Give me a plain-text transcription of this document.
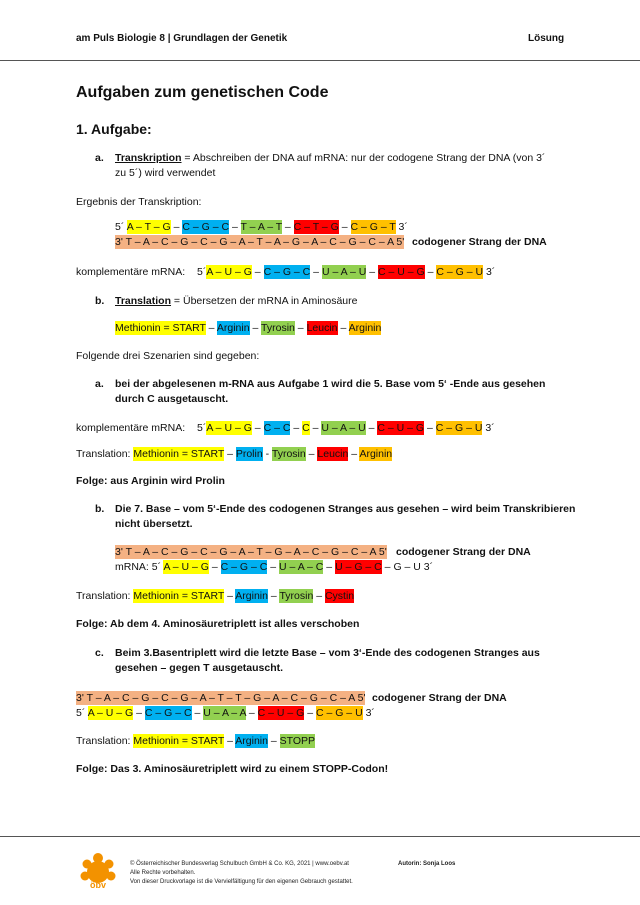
am Puls Biologie 8 | Grundlagen der Genetik	Lösung
Aufgaben zum genetischen Code
1. Aufgabe:
a. Transkription = Abschreiben der DNA auf mRNA: nur der codogene Strang der DNA (von 3´
zu 5´) wird verwendet
Ergebnis der Transkription:
5´ A – T – G – C – G – C – T – A – T – C – T – G – C – G – T 3´
3' T – A – C – G – C – G – A – T – A – G – A – C – G – C – A 5' codogener Strang der DNA
komplementäre mRNA: 5´A – U – G – C – G – C – U – A – U – C – U – G – C – G – U 3´
b. Translation = Übersetzen der mRNA in Aminosäure
Methionin = START – Arginin – Tyrosin – Leucin – Arginin
Folgende drei Szenarien sind gegeben:
a. bei der abgelesenen m-RNA aus Aufgabe 1 wird die 5. Base vom 5‘ -Ende aus gesehen
durch C ausgetauscht.
komplementäre mRNA: 5´A – U – G – C – C – C – U – A – U – C – U – G – C – G – U 3´
Translation: Methionin = START – Prolin - Tyrosin – Leucin – Arginin
Folge: aus Arginin wird Prolin
b. Die 7. Base – vom 5‘-Ende des codogenen Stranges aus gesehen – wird beim Transkribieren
nicht übersetzt.
3' T – A – C – G – C – G – A – T – G – A – C – G – C – A 5' codogener Strang der DNA
mRNA: 5´ A – U – G – C – G – C – U – A – C – U – G – C – G – U 3´
Translation: Methionin = START – Arginin – Tyrosin – Cystin
Folge: Ab dem 4. Aminosäuretriplett ist alles verschoben
c. Beim 3.Basentriplett wird die letzte Base – vom 3‘-Ende des codogenen Stranges aus
gesehen – gegen T ausgetauscht.
3' T – A – C – G – C – G – A – T – T – G – A – C – G – C – A 5' codogener Strang der DNA
5´ A – U – G – C – G – C – U – A – A – C – U – G – C – G – U 3´
Translation: Methionin = START – Arginin – STOPP
Folge: Das 3. Aminosäuretriplett wird zu einem STOPP-Codon!
öbv
© Österreichischer Bundesverlag Schulbuch GmbH & Co. KG, 2021 | www.oebv.at
Alle Rechte vorbehalten.
Von dieser Druckvorlage ist die Vervielfältigung für den eigenen Gebrauch gestattet.
Autorin: Sonja Loos
